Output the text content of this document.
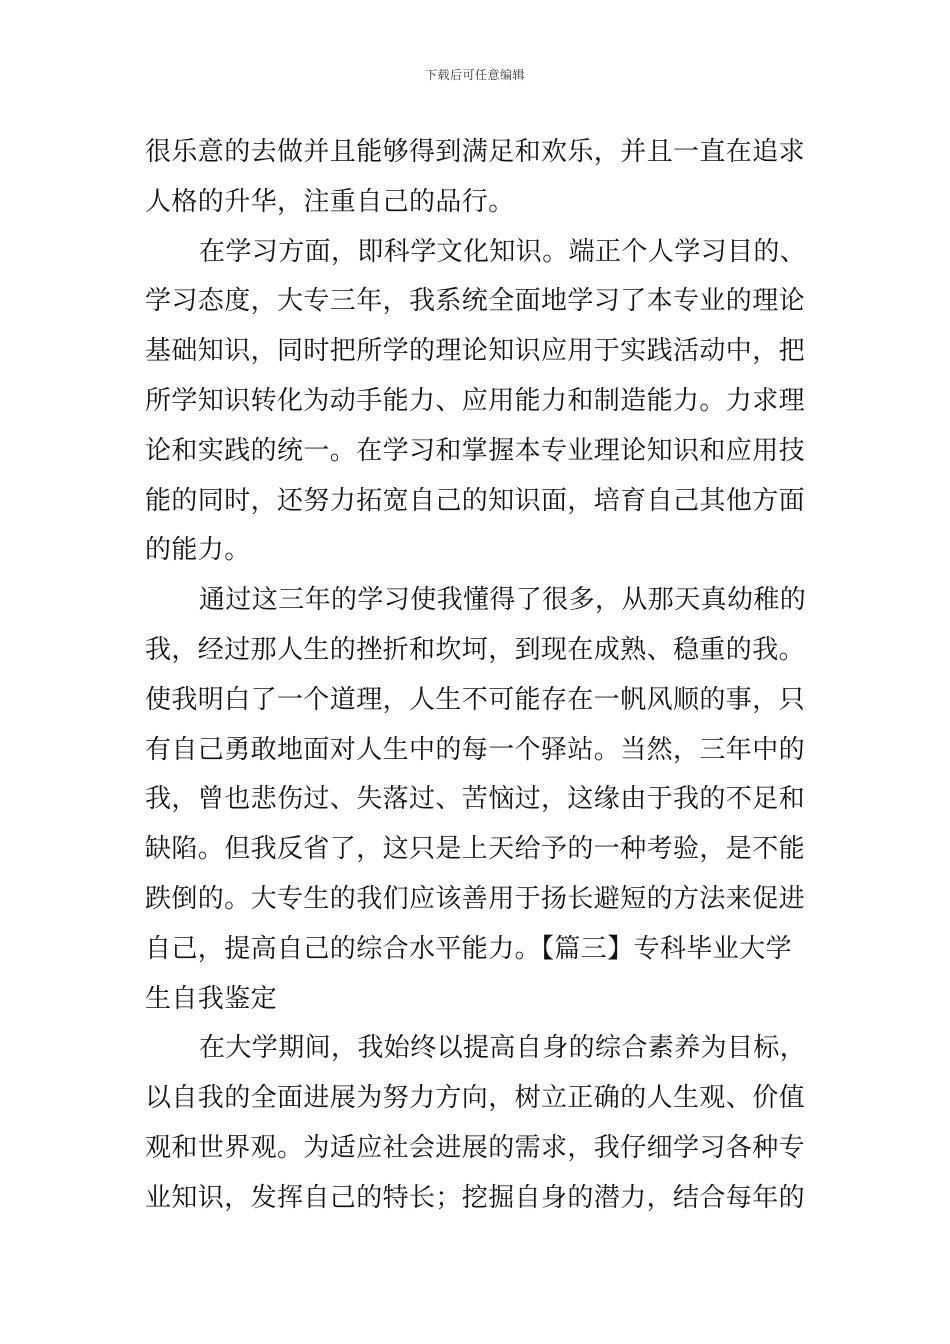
下载后可任意编辑
很乐意的去做并且能够得到满足和欢乐，并且一直在追求
人格的升华，注重自己的品行。
在学习方面，即科学文化知识。端正个人学习目的、
学习态度，大专三年，我系统全面地学习了本专业的理论
基础知识，同时把所学的理论知识应用于实践活动中，把
所学知识转化为动手能力、应用能力和制造能力。力求理
论和实践的统一。在学习和掌握本专业理论知识和应用技
能的同时，还努力拓宽自己的知识面，培育自己其他方面
的能力。
通过这三年的学习使我懂得了很多，从那天真幼稚的
我，经过那人生的挫折和坎坷，到现在成熟、稳重的我。
使我明白了一个道理，人生不可能存在一帆风顺的事，只
有自己勇敢地面对人生中的每一个驿站。当然，三年中的
我，曾也悲伤过、失落过、苦恼过，这缘由于我的不足和
缺陷。但我反省了，这只是上天给予的一种考验，是不能
跌倒的。大专生的我们应该善用于扬长避短的方法来促进
自己，提高自己的综合水平能力。【篇三】专科毕业大学
生自我鉴定
在大学期间，我始终以提高自身的综合素养为目标，
以自我的全面进展为努力方向，树立正确的人生观、价值
观和世界观。为适应社会进展的需求，我仔细学习各种专
业知识，发挥自己的特长；挖掘自身的潜力，结合每年的
